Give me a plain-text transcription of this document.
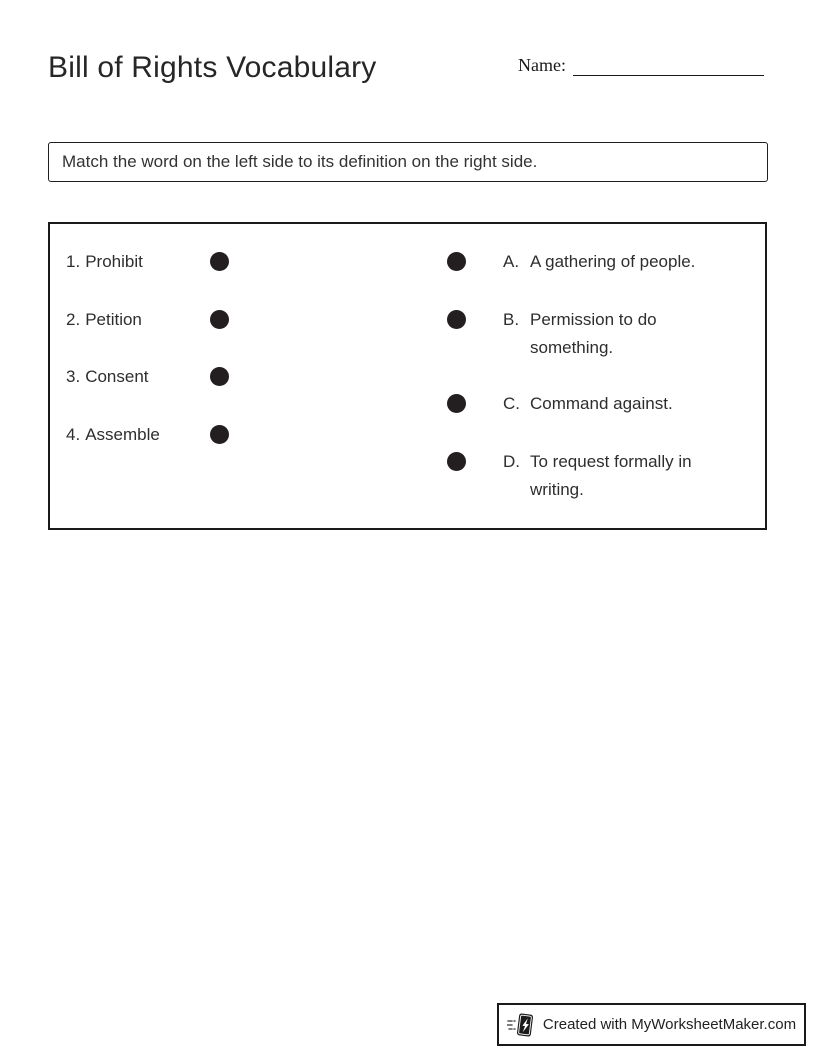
Bill of Rights Vocabulary	Name:
Match the word on the left side to its definition on the right side.
1. Prohibit
2. Petition
3. Consent
4. Assemble
A. A gathering of people.
B. Permission to do something.
C. Command against.
D. To request formally in writing.
Created with MyWorksheetMaker.com
